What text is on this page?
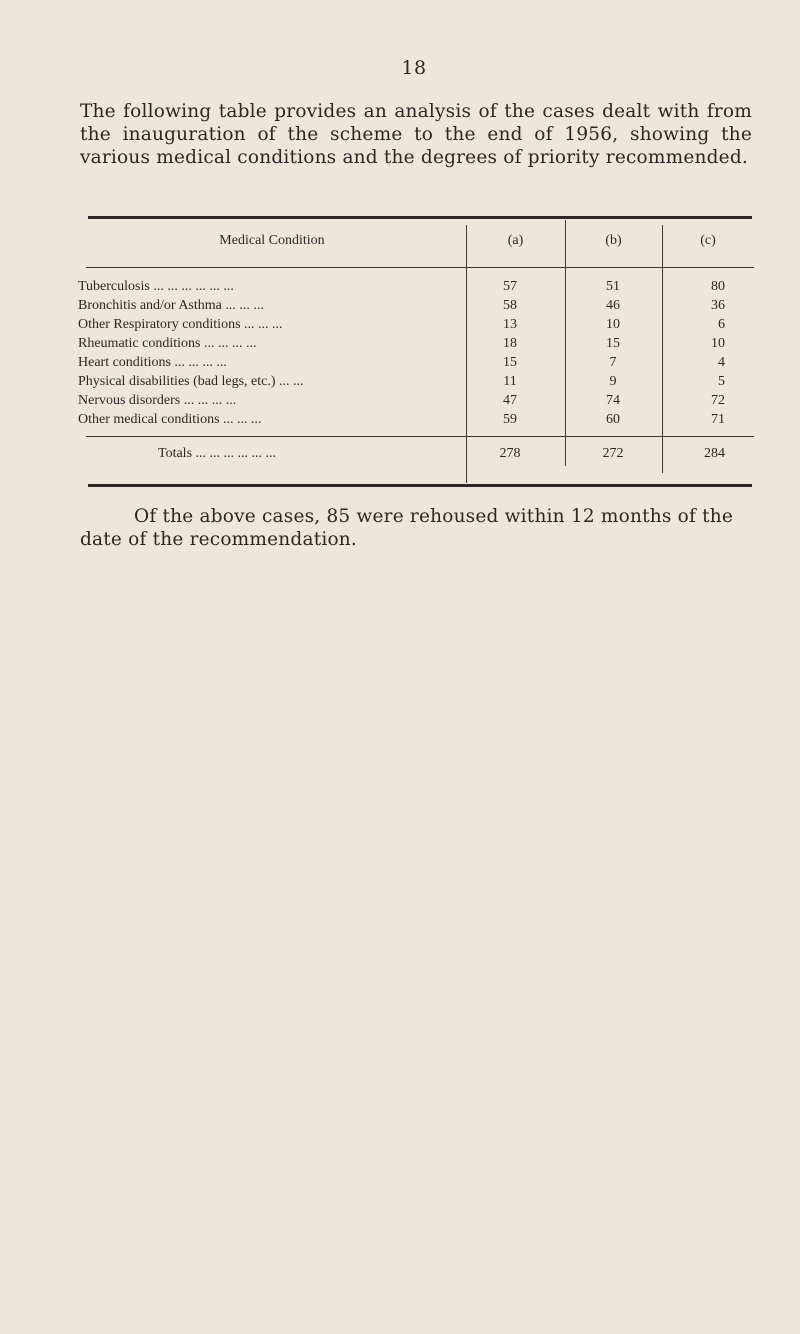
18

The following table provides an analysis of the cases dealt with from the inauguration of the scheme to the end of 1956, showing the various medical conditions and the degrees of priority recommended.

Medical Condition	(a)	(b)	(c)
Tuberculosis ... ... ... ... ... ...	57	51	80
Bronchitis and/or Asthma ... ... ...	58	46	36
Other Respiratory conditions ... ... ...	13	10	6
Rheumatic conditions ... ... ... ...	18	15	10
Heart conditions ... ... ... ...	15	7	4
Physical disabilities (bad legs, etc.) ... ...	11	9	5
Nervous disorders ... ... ... ...	47	74	72
Other medical conditions ... ... ...	59	60	71
Totals ... ... ... ... ... ...	278	272	284

Of the above cases, 85 were rehoused within 12 months of the date of the recommendation.
